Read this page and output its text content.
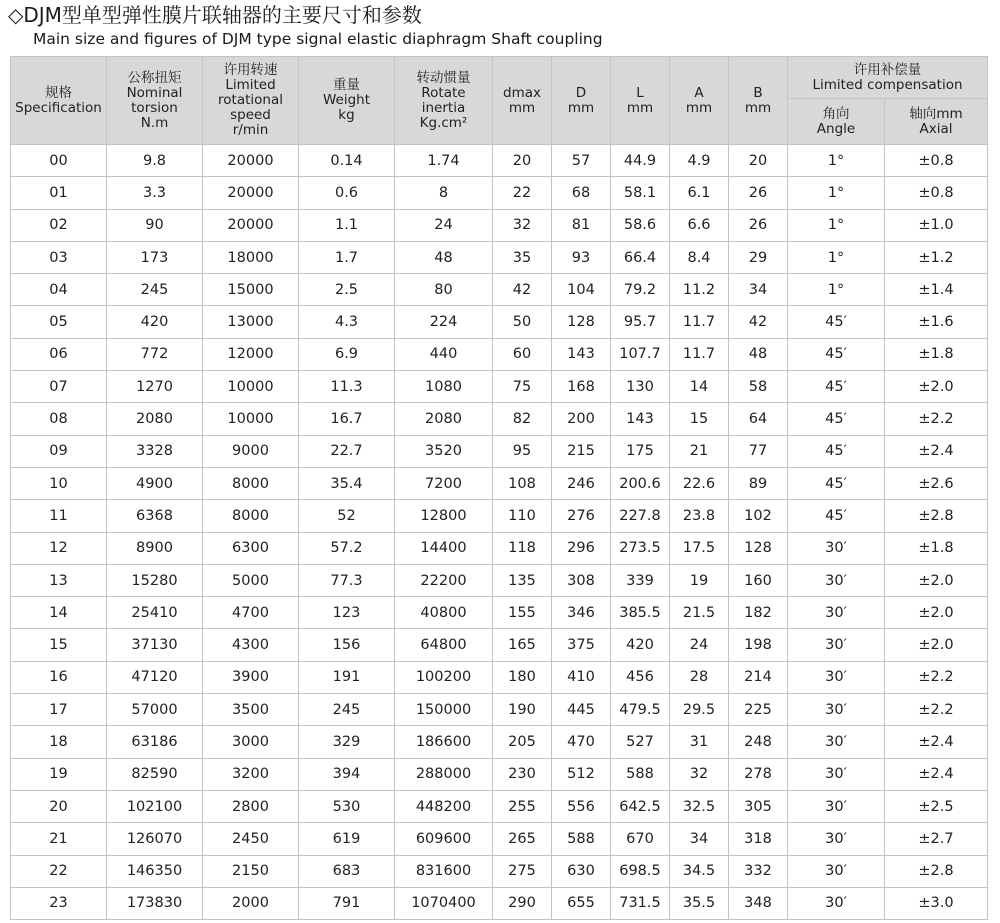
◇DJM型单型弹性膜片联轴器的主要尺寸和参数
Main size and figures of DJM type signal elastic diaphragm Shaft coupling
规格
Specification	公称扭矩
Nominal
torsion
N.m	许用转速
Limited
rotational
speed
r/min	重量
Weight
kg	转动惯量
Rotate
inertia
Kg.cm²	dmax
mm	D
mm	L
mm	A
mm	B
mm	许用补偿量
Limited compensation	

										角向
Angle	轴向mm
Axial

00	9.8	20000	0.14	1.74	20	57	44.9	4.9	20	1°	±0.8
01	3.3	20000	0.6	8	22	68	58.1	6.1	26	1°	±0.8
02	90	20000	1.1	24	32	81	58.6	6.6	26	1°	±1.0
03	173	18000	1.7	48	35	93	66.4	8.4	29	1°	±1.2
04	245	15000	2.5	80	42	104	79.2	11.2	34	1°	±1.4
05	420	13000	4.3	224	50	128	95.7	11.7	42	45′	±1.6
06	772	12000	6.9	440	60	143	107.7	11.7	48	45′	±1.8
07	1270	10000	11.3	1080	75	168	130	14	58	45′	±2.0
08	2080	10000	16.7	2080	82	200	143	15	64	45′	±2.2
09	3328	9000	22.7	3520	95	215	175	21	77	45′	±2.4
10	4900	8000	35.4	7200	108	246	200.6	22.6	89	45′	±2.6
11	6368	8000	52	12800	110	276	227.8	23.8	102	45′	±2.8
12	8900	6300	57.2	14400	118	296	273.5	17.5	128	30′	±1.8
13	15280	5000	77.3	22200	135	308	339	19	160	30′	±2.0
14	25410	4700	123	40800	155	346	385.5	21.5	182	30′	±2.0
15	37130	4300	156	64800	165	375	420	24	198	30′	±2.0
16	47120	3900	191	100200	180	410	456	28	214	30′	±2.2
17	57000	3500	245	150000	190	445	479.5	29.5	225	30′	±2.2
18	63186	3000	329	186600	205	470	527	31	248	30′	±2.4
19	82590	3200	394	288000	230	512	588	32	278	30′	±2.4
20	102100	2800	530	448200	255	556	642.5	32.5	305	30′	±2.5
21	126070	2450	619	609600	265	588	670	34	318	30′	±2.7
22	146350	2150	683	831600	275	630	698.5	34.5	332	30′	±2.8
23	173830	2000	791	1070400	290	655	731.5	35.5	348	30′	±3.0
